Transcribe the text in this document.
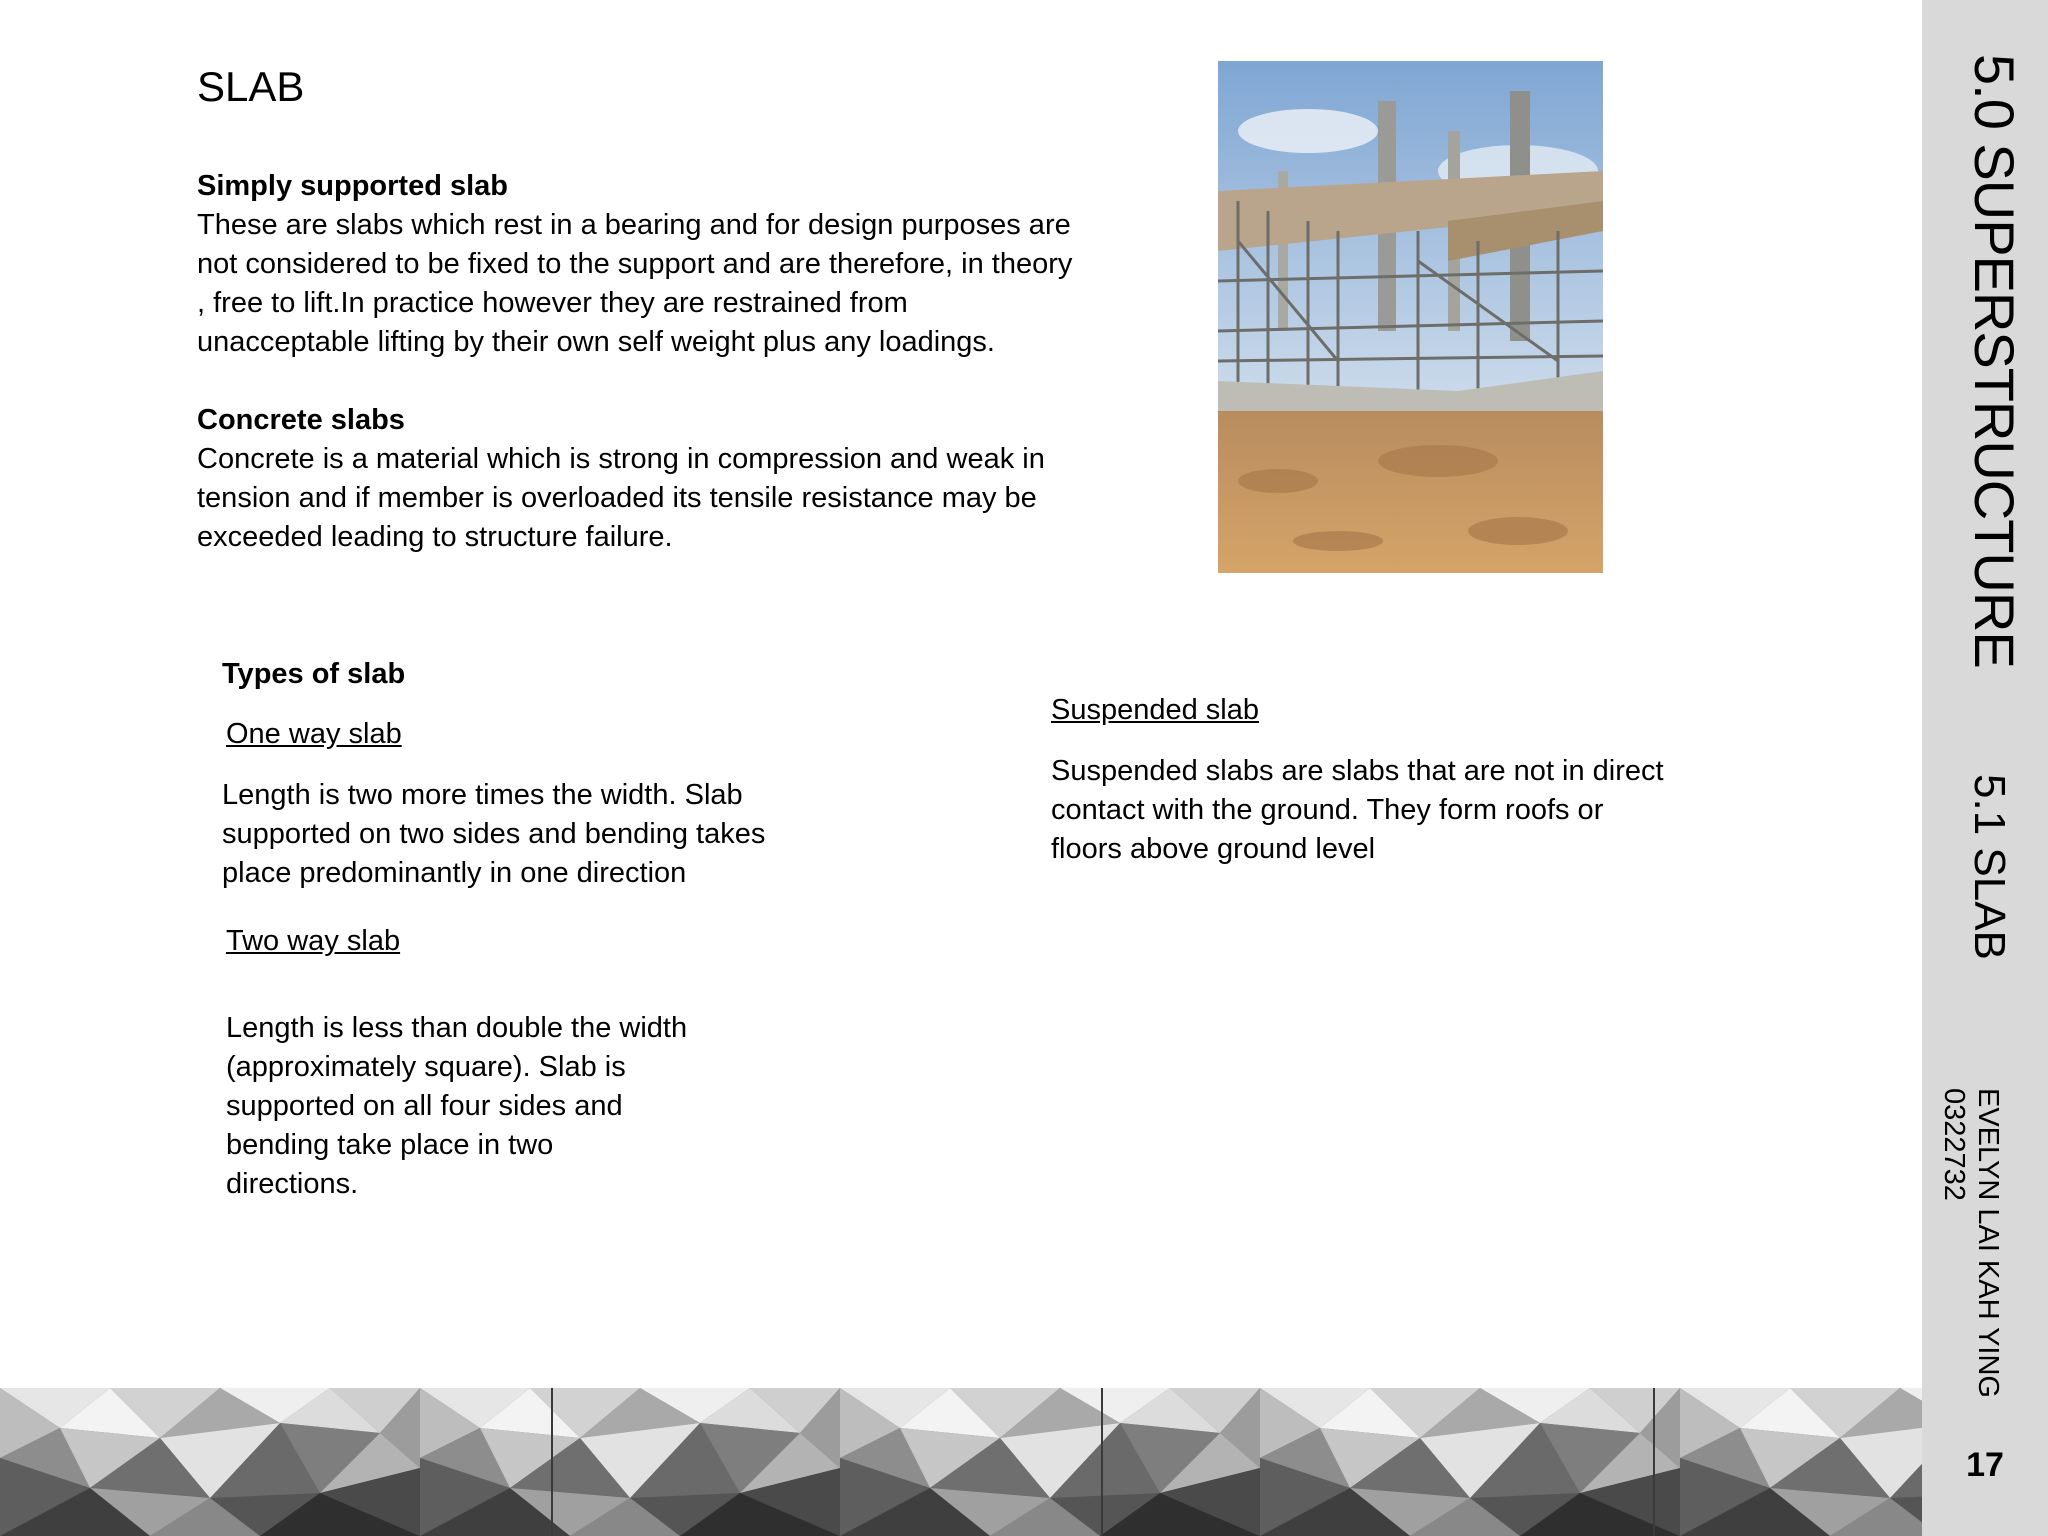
SLAB
Simply supported slab
These are slabs which rest in a bearing and for design purposes are
not considered to be fixed to the support and are therefore, in theory
, free to lift.In practice however they are restrained from
unacceptable lifting by their own self weight plus any loadings.
Concrete slabs
Concrete is a material which is strong in compression and weak in
tension and if member is overloaded its tensile resistance may be
exceeded leading to structure failure.
Types of slab
One way slab
Length is two more times the width. Slab
supported on two sides and bending takes
place predominantly in one direction
Two way slab
Length is less than double the width
(approximately square). Slab is
supported on all four sides and
bending take place in two
directions.
Suspended slab
Suspended slabs are slabs that are not in direct
contact with the ground. They form roofs or
floors above ground level
5.0 SUPERSTRUCTURE
5.1 SLAB
EVELYN LAI KAH YING
0322732
17
